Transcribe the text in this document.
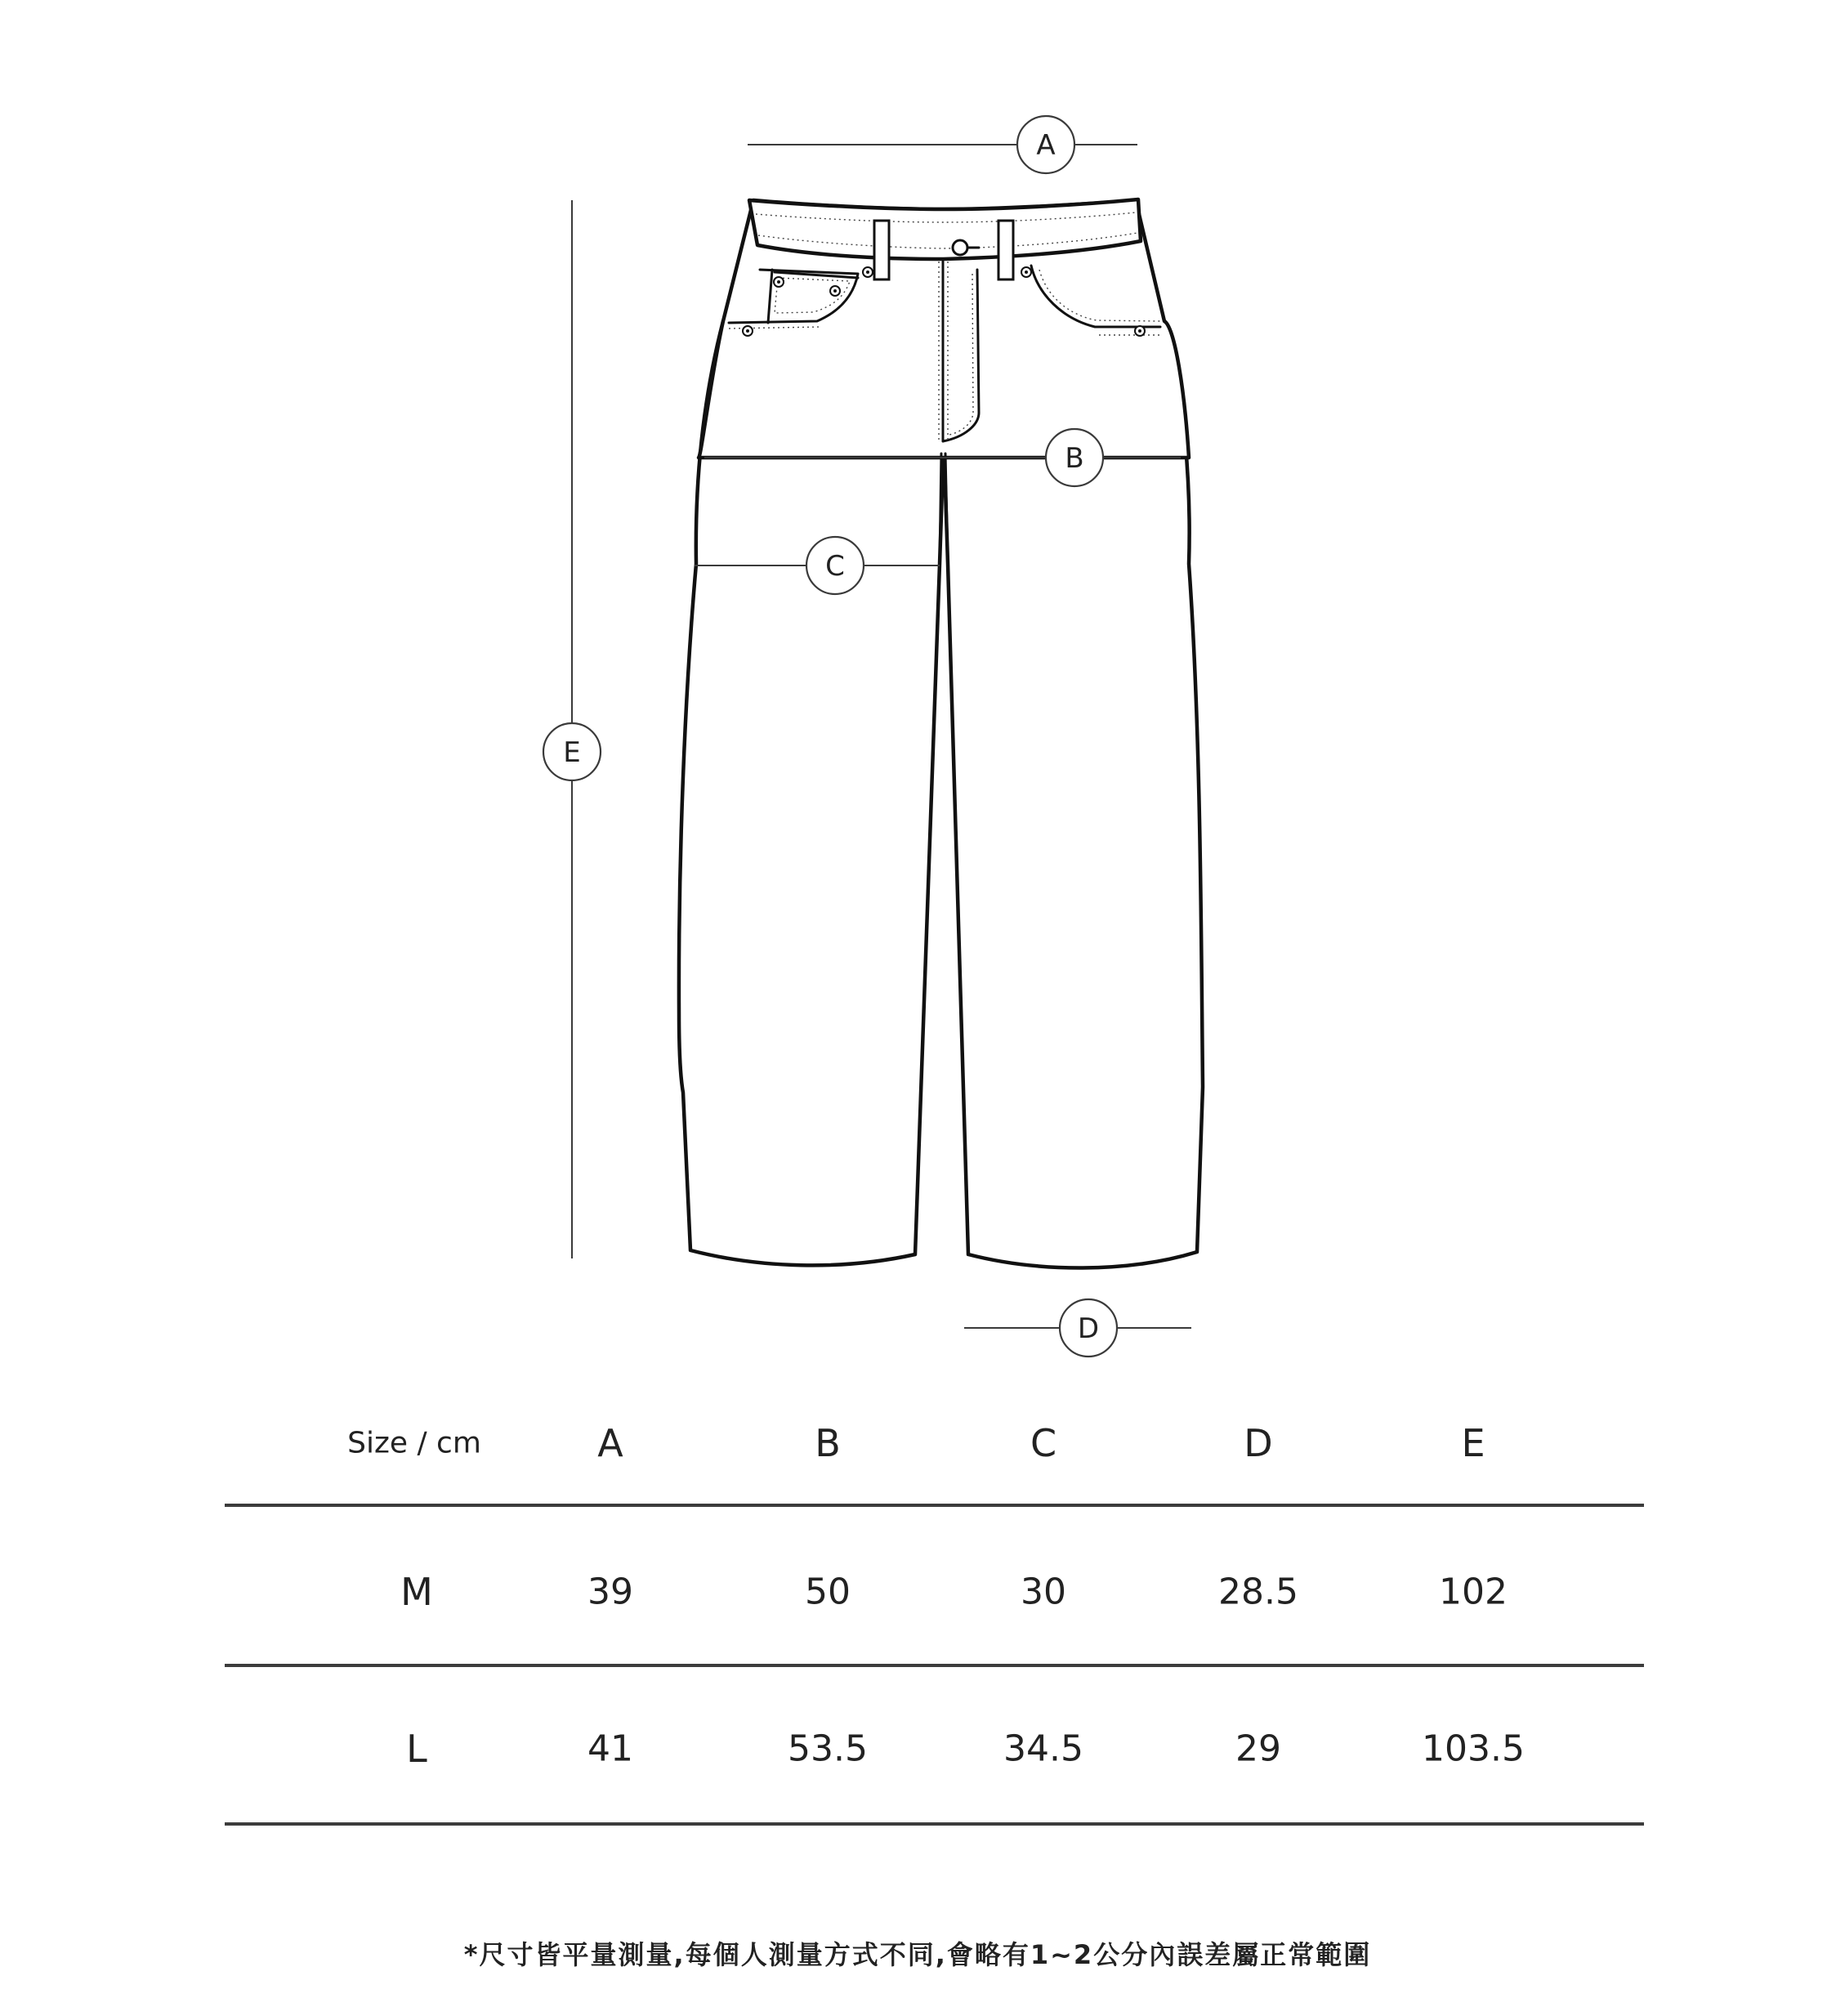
A
B
C
D
E
Size / cm	A	B	C	D	E
M	39	50	30	28.5	102
L	41	53.5	34.5	29	103.5
*尺寸皆平量測量,每個人測量方式不同,會略有1~2公分內誤差屬正常範圍
